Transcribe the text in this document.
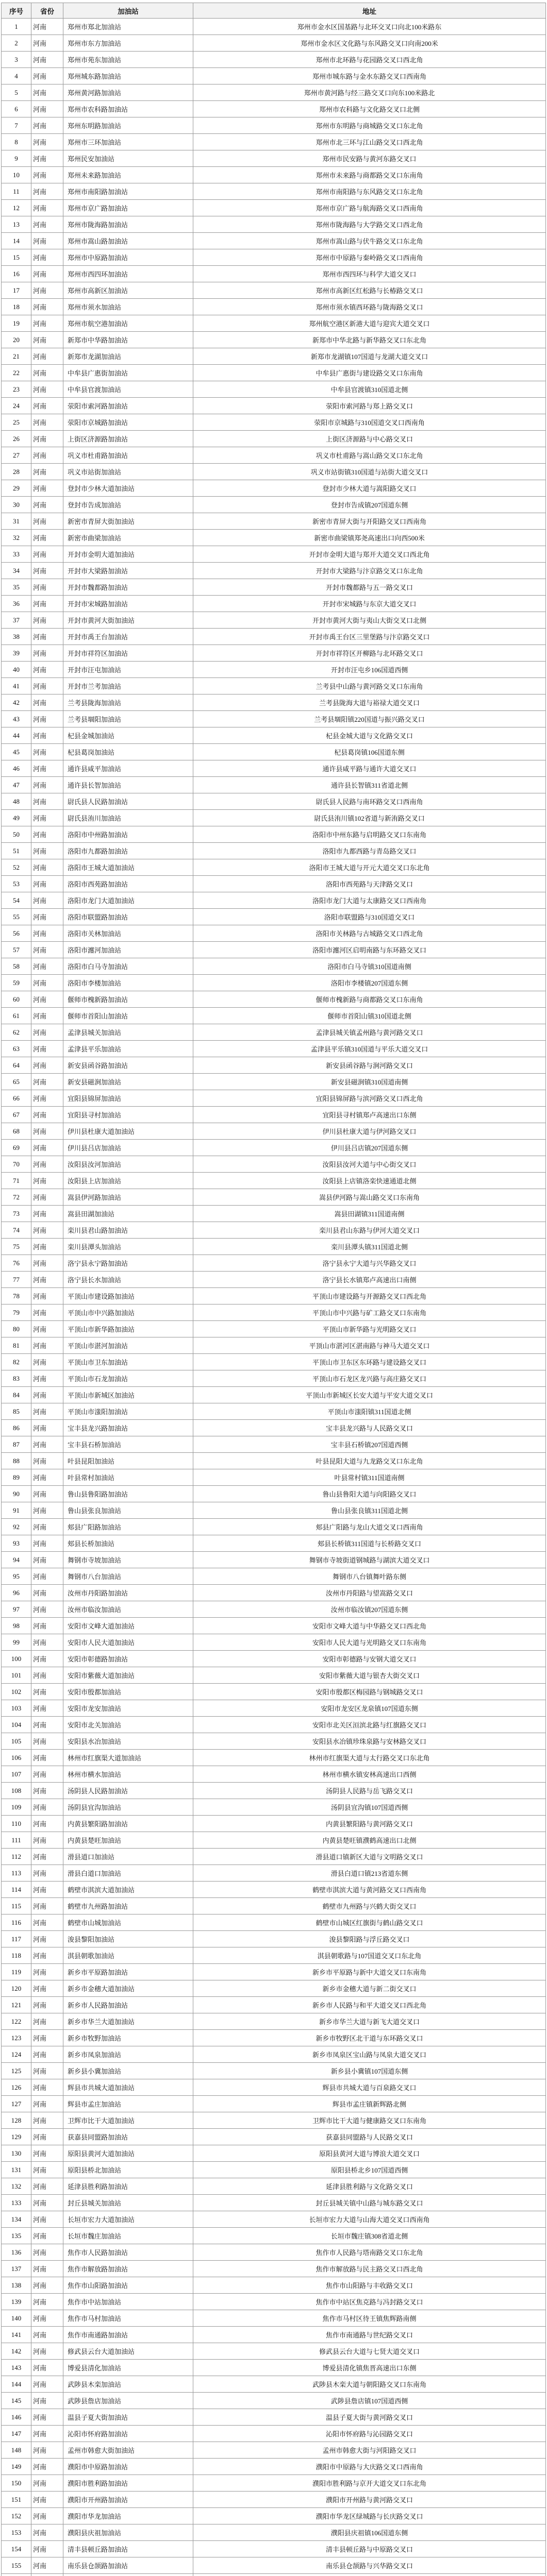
序号	省份	加油站	地址
1	河南	郑州市郑北加油站	郑州市金水区国基路与北环交叉口向北100米路东
2	河南	郑州市东方加油站	郑州市金水区文化路与东风路交叉口向南200米
3	河南	郑州市苑东加油站	郑州市北环路与花园路交叉口西北角
4	河南	郑州城东路加油站	郑州市城东路与金水东路交叉口西南角
5	河南	郑州黄河路加油站	郑州市黄河路与经三路交叉口向东100米路北
6	河南	郑州市农科路加油站	郑州市农科路与文化路交叉口北侧
7	河南	郑州东明路加油站	郑州市东明路与商城路交叉口东北角
8	河南	郑州市三环加油站	郑州市北三环与江山路交叉口西北角
9	河南	郑州民安加油站	郑州市民安路与黄河东路交叉口
10	河南	郑州未来路加油站	郑州市未来路与商都路交叉口东南角
11	河南	郑州市南阳路加油站	郑州市南阳路与东风路交叉口东北角
12	河南	郑州市京广路加油站	郑州市京广路与航海路交叉口西南角
13	河南	郑州市陇海路加油站	郑州市陇海路与大学路交叉口西北角
14	河南	郑州市嵩山路加油站	郑州市嵩山路与伏牛路交叉口东北角
15	河南	郑州市中原路加油站	郑州市中原路与秦岭路交叉口西南角
16	河南	郑州市西四环加油站	郑州市西四环与科学大道交叉口
17	河南	郑州市高新区加油站	郑州市高新区红松路与长椿路交叉口
18	河南	郑州市须水加油站	郑州市须水镇西环路与陇海路交叉口
19	河南	郑州市航空港加油站	郑州航空港区新港大道与迎宾大道交叉口
20	河南	新郑市中华路加油站	新郑市中华北路与新华路交叉口东北角
21	河南	新郑市龙湖加油站	新郑市龙湖镇107国道与龙湖大道交叉口
22	河南	中牟县广惠街加油站	中牟县广惠街与建设路交叉口东南角
23	河南	中牟县官渡加油站	中牟县官渡镇310国道北侧
24	河南	荥阳市索河路加油站	荥阳市索河路与郑上路交叉口
25	河南	荥阳市京城路加油站	荥阳市京城路与310国道交叉口西南角
26	河南	上街区济源路加油站	上街区济源路与中心路交叉口
27	河南	巩义市杜甫路加油站	巩义市杜甫路与嵩山路交叉口东北角
28	河南	巩义市站街加油站	巩义市站街镇310国道与站街大道交叉口
29	河南	登封市少林大道加油站	登封市少林大道与嵩阳路交叉口
30	河南	登封市告成加油站	登封市告成镇207国道东侧
31	河南	新密市青屏大街加油站	新密市青屏大街与开阳路交叉口西南角
32	河南	新密市曲梁加油站	新密市曲梁镇郑尧高速出口向西500米
33	河南	开封市金明大道加油站	开封市金明大道与郑开大道交叉口西北角
34	河南	开封市大梁路加油站	开封市大梁路与汴京路交叉口东北角
35	河南	开封市魏都路加油站	开封市魏都路与五一路交叉口
36	河南	开封市宋城路加油站	开封市宋城路与东京大道交叉口
37	河南	开封市黄河大街加油站	开封市黄河大街与夷山大街交叉口北侧
38	河南	开封市禹王台加油站	开封市禹王台区三里堡路与汴京路交叉口
39	河南	开封市祥符区加油站	开封市祥符区开柳路与北环路交叉口
40	河南	开封市汪屯加油站	开封市汪屯乡106国道西侧
41	河南	开封市兰考加油站	兰考县中山路与黄河路交叉口东南角
42	河南	兰考县陇海加油站	兰考县陇海大道与裕禄大道交叉口
43	河南	兰考县堌阳加油站	兰考县堌阳镇220国道与振兴路交叉口
44	河南	杞县金城加油站	杞县金城大道与文化路交叉口
45	河南	杞县葛岗加油站	杞县葛岗镇106国道东侧
46	河南	通许县咸平加油站	通许县咸平路与通许大道交叉口
47	河南	通许县长智加油站	通许县长智镇311省道北侧
48	河南	尉氏县人民路加油站	尉氏县人民路与南环路交叉口西南角
49	河南	尉氏县洧川加油站	尉氏县洧川镇102省道与新洧路交叉口
50	河南	洛阳市中州路加油站	洛阳市中州东路与启明路交叉口东南角
51	河南	洛阳市九都路加油站	洛阳市九都西路与青岛路交叉口
52	河南	洛阳市王城大道加油站	洛阳市王城大道与开元大道交叉口东北角
53	河南	洛阳市西苑路加油站	洛阳市西苑路与天津路交叉口
54	河南	洛阳市龙门大道加油站	洛阳市龙门大道与太康路交叉口西南角
55	河南	洛阳市联盟路加油站	洛阳市联盟路与310国道交叉口
56	河南	洛阳市关林加油站	洛阳市关林路与古城路交叉口西北角
57	河南	洛阳市瀍河加油站	洛阳市瀍河区启明南路与东环路交叉口
58	河南	洛阳市白马寺加油站	洛阳市白马寺镇310国道南侧
59	河南	洛阳市李楼加油站	洛阳市李楼镇207国道东侧
60	河南	偃师市槐新路加油站	偃师市槐新路与商都路交叉口东南角
61	河南	偃师市首阳山加油站	偃师市首阳山镇310国道北侧
62	河南	孟津县城关加油站	孟津县城关镇孟州路与黄河路交叉口
63	河南	孟津县平乐加油站	孟津县平乐镇310国道与平乐大道交叉口
64	河南	新安县函谷路加油站	新安县函谷路与涧河路交叉口
65	河南	新安县磁涧加油站	新安县磁涧镇310国道南侧
66	河南	宜阳县锦屏加油站	宜阳县锦屏路与滨河路交叉口西北角
67	河南	宜阳县寻村加油站	宜阳县寻村镇郑卢高速出口东侧
68	河南	伊川县杜康大道加油站	伊川县杜康大道与伊河路交叉口
69	河南	伊川县吕店加油站	伊川县吕店镇207国道东侧
70	河南	汝阳县汝河加油站	汝阳县汝河大道与中心街交叉口
71	河南	汝阳县上店加油站	汝阳县上店镇洛栾快速通道北侧
72	河南	嵩县伊河路加油站	嵩县伊河路与嵩山路交叉口东南角
73	河南	嵩县田湖加油站	嵩县田湖镇311国道南侧
74	河南	栾川县君山路加油站	栾川县君山东路与伊河大道交叉口
75	河南	栾川县潭头加油站	栾川县潭头镇311国道北侧
76	河南	洛宁县永宁路加油站	洛宁县永宁大道与兴华路交叉口
77	河南	洛宁县长水加油站	洛宁县长水镇郑卢高速出口南侧
78	河南	平顶山市建设路加油站	平顶山市建设路与开源路交叉口西北角
79	河南	平顶山市中兴路加油站	平顶山市中兴路与矿工路交叉口东南角
80	河南	平顶山市新华路加油站	平顶山市新华路与光明路交叉口
81	河南	平顶山市湛河加油站	平顶山市湛河区湛南路与神马大道交叉口
82	河南	平顶山市卫东加油站	平顶山市卫东区东环路与建设路交叉口
83	河南	平顶山市石龙加油站	平顶山市石龙区龙兴路与高庄路交叉口
84	河南	平顶山市新城区加油站	平顶山市新城区长安大道与平安大道交叉口
85	河南	平顶山市滍阳加油站	平顶山市滍阳镇311国道北侧
86	河南	宝丰县龙兴路加油站	宝丰县龙兴路与人民路交叉口
87	河南	宝丰县石桥加油站	宝丰县石桥镇207国道西侧
88	河南	叶县昆阳加油站	叶县昆阳大道与九龙路交叉口东北角
89	河南	叶县常村加油站	叶县常村镇311国道南侧
90	河南	鲁山县鲁阳路加油站	鲁山县鲁阳大道与向阳路交叉口
91	河南	鲁山县张良加油站	鲁山县张良镇311国道北侧
92	河南	郏县广阳路加油站	郏县广阳路与龙山大道交叉口西南角
93	河南	郏县长桥加油站	郏县长桥镇311国道与长桥路交叉口
94	河南	舞钢市寺坡加油站	舞钢市寺坡街道钢城路与湖滨大道交叉口
95	河南	舞钢市八台加油站	舞钢市八台镇舞叶路东侧
96	河南	汝州市丹阳路加油站	汝州市丹阳路与望嵩路交叉口
97	河南	汝州市临汝加油站	汝州市临汝镇207国道东侧
98	河南	安阳市文峰大道加油站	安阳市文峰大道与中华路交叉口西北角
99	河南	安阳市人民大道加油站	安阳市人民大道与光明路交叉口东南角
100	河南	安阳市彰德路加油站	安阳市彰德路与安钢大道交叉口
101	河南	安阳市紫薇大道加油站	安阳市紫薇大道与银杏大街交叉口
102	河南	安阳市殷都加油站	安阳市殷都区梅园路与钢城路交叉口
103	河南	安阳市龙安加油站	安阳市龙安区龙泉镇107国道东侧
104	河南	安阳市北关加油站	安阳市北关区洹滨北路与红旗路交叉口
105	河南	安阳县水冶加油站	安阳县水冶镇珍珠泉路与安林路交叉口
106	河南	林州市红旗渠大道加油站	林州市红旗渠大道与太行路交叉口东北角
107	河南	林州市横水加油站	林州市横水镇安林高速出口西侧
108	河南	汤阴县人民路加油站	汤阴县人民路与岳飞路交叉口
109	河南	汤阴县宜沟加油站	汤阴县宜沟镇107国道西侧
110	河南	内黄县繁阳路加油站	内黄县繁阳路与黄河路交叉口
111	河南	内黄县楚旺加油站	内黄县楚旺镇濮鹤高速出口北侧
112	河南	滑县道口加油站	滑县道口镇新区大道与文明路交叉口
113	河南	滑县白道口加油站	滑县白道口镇213省道东侧
114	河南	鹤壁市淇滨大道加油站	鹤壁市淇滨大道与黄河路交叉口西南角
115	河南	鹤壁市九州路加油站	鹤壁市九州路与兴鹤大街交叉口
116	河南	鹤壁市山城加油站	鹤壁市山城区红旗街与鹤山路交叉口
117	河南	浚县黎阳加油站	浚县黎阳路与浮丘路交叉口
118	河南	淇县朝歌加油站	淇县朝歌路与107国道交叉口东北角
119	河南	新乡市平原路加油站	新乡市平原路与新中大道交叉口东南角
120	河南	新乡市金穗大道加油站	新乡市金穗大道与新二街交叉口
121	河南	新乡市人民路加油站	新乡市人民路与和平大道交叉口西北角
122	河南	新乡市华兰大道加油站	新乡市华兰大道与新飞大道交叉口
123	河南	新乡市牧野加油站	新乡市牧野区北干道与东环路交叉口
124	河南	新乡市凤泉加油站	新乡市凤泉区宝山路与凤泉大道交叉口
125	河南	新乡县小冀加油站	新乡县小冀镇107国道东侧
126	河南	辉县市共城大道加油站	辉县市共城大道与百泉路交叉口
127	河南	辉县市孟庄加油站	辉县市孟庄镇新辉路北侧
128	河南	卫辉市比干大道加油站	卫辉市比干大道与健康路交叉口东南角
129	河南	获嘉县同盟路加油站	获嘉县同盟路与人民路交叉口
130	河南	原阳县黄河大道加油站	原阳县黄河大道与博浪大道交叉口
131	河南	原阳县桥北加油站	原阳县桥北乡107国道西侧
132	河南	延津县胜利路加油站	延津县胜利路与文化路交叉口
133	河南	封丘县城关加油站	封丘县城关镇中山路与城东路交叉口
134	河南	长垣市宏力大道加油站	长垣市宏力大道与山海大道交叉口西南角
135	河南	长垣市魏庄加油站	长垣市魏庄镇308省道北侧
136	河南	焦作市人民路加油站	焦作市人民路与塔南路交叉口东北角
137	河南	焦作市解放路加油站	焦作市解放路与民主路交叉口西北角
138	河南	焦作市山阳路加油站	焦作市山阳路与丰收路交叉口
139	河南	焦作市中站加油站	焦作市中站区焦克路与冯封路交叉口
140	河南	焦作市马村加油站	焦作市马村区待王镇焦辉路南侧
141	河南	焦作市南通路加油站	焦作市南通路与世纪路交叉口
142	河南	修武县云台大道加油站	修武县云台大道与七贤大道交叉口
143	河南	博爱县清化加油站	博爱县清化镇焦晋高速出口东侧
144	河南	武陟县木栾加油站	武陟县木栾大道与朝阳路交叉口东南角
145	河南	武陟县詹店加油站	武陟县詹店镇107国道西侧
146	河南	温县子夏大街加油站	温县子夏大街与黄河路交叉口
147	河南	沁阳市怀府路加油站	沁阳市怀府路与沁园路交叉口
148	河南	孟州市韩愈大街加油站	孟州市韩愈大街与河阳路交叉口
149	河南	濮阳市中原路加油站	濮阳市中原路与大庆路交叉口西南角
150	河南	濮阳市胜利路加油站	濮阳市胜利路与京开大道交叉口东北角
151	河南	濮阳市开州路加油站	濮阳市开州路与黄河路交叉口
152	河南	濮阳市华龙加油站	濮阳市华龙区绿城路与长庆路交叉口
153	河南	濮阳县庆祖加油站	濮阳县庆祖镇106国道东侧
154	河南	清丰县顿丘路加油站	清丰县顿丘路与中原路交叉口
155	河南	南乐县仓颉路加油站	南乐县仓颉路与兴华路交叉口
